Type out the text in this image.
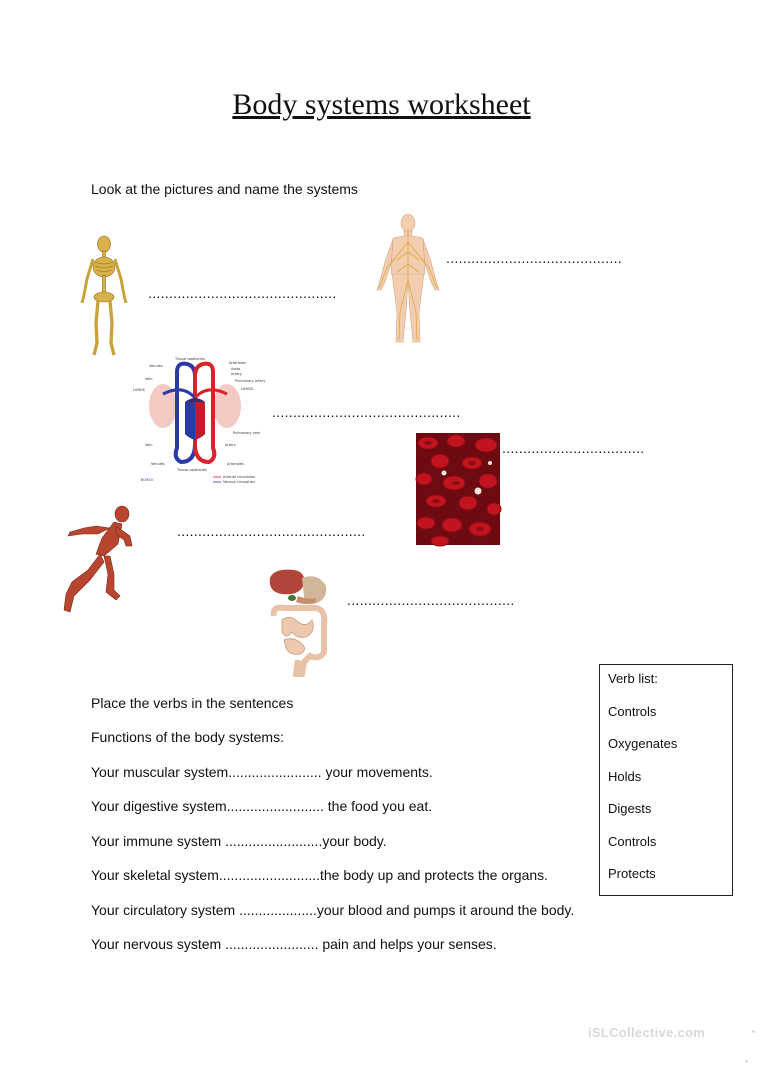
Body systems worksheet
Look at the pictures and name the systems
.............................................
..........................................
Tissue capillaries
Venules
Arterioles
Aorta
Artery
Pulmonary artery
LUNGS	LUNGS
Vein
Pulmonary vein
Vein	Artery
Venules	Arterioles
Tissue capillaries
BORSO
Arterial circulation
Venous circulation
.............................................
..................................
.............................................
........................................
Place the verbs in the sentences
Functions of the body systems:
Your muscular system........................ your movements.
Your digestive system......................... the food you eat.
Your immune system .........................your body.
Your skeletal system..........................the body up and protects the organs.
Your circulatory system ....................your blood and pumps it around the body.
Your nervous system ........................ pain and helps your senses.
Verb list:
Controls
Oxygenates
Holds
Digests
Controls
Protects
iSLCollective.com
